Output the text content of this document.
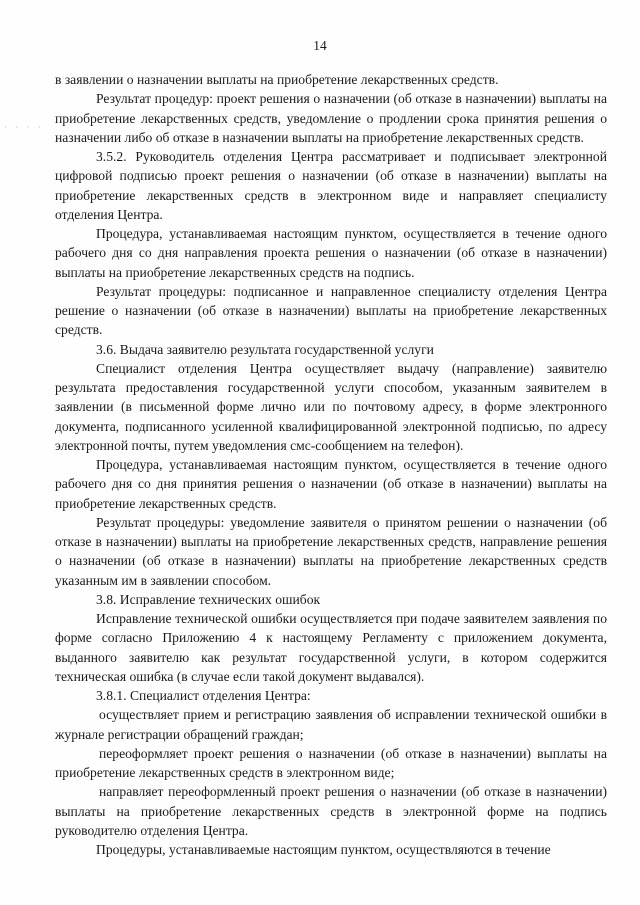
14
· · · ·

в заявлении о назначении выплаты на приобретение лекарственных средств.

Результат процедур: проект решения о назначении (об отказе в назначении) выплаты на приобретение лекарственных средств, уведомление о продлении срока принятия решения о назначении либо об отказе в назначении выплаты на приобретение лекарственных средств.

3.5.2. Руководитель отделения Центра рассматривает и подписывает электронной цифровой подписью проект решения о назначении (об отказе в назначении) выплаты на приобретение лекарственных средств в электронном виде и направляет специалисту отделения Центра.

Процедура, устанавливаемая настоящим пунктом, осуществляется в течение одного рабочего дня со дня направления проекта решения о назначении (об отказе в назначении) выплаты на приобретение лекарственных средств на подпись.

Результат процедуры: подписанное и направленное специалисту отделения Центра решение о назначении (об отказе в назначении) выплаты на приобретение лекарственных средств.

3.6. Выдача заявителю результата государственной услуги

Специалист отделения Центра осуществляет выдачу (направление) заявителю результата предоставления государственной услуги способом, указанным заявителем в заявлении (в письменной форме лично или по почтовому адресу, в форме электронного документа, подписанного усиленной квалифицированной электронной подписью, по адресу электронной почты, путем уведомления смс-сообщением на телефон).

Процедура, устанавливаемая настоящим пунктом, осуществляется в течение одного рабочего дня со дня принятия решения о назначении (об отказе в назначении) выплаты на приобретение лекарственных средств.

Результат процедуры: уведомление заявителя о принятом решении о назначении (об отказе в назначении) выплаты на приобретение лекарственных средств, направление решения о назначении (об отказе в назначении) выплаты на приобретение лекарственных средств указанным им в заявлении способом.

3.8. Исправление технических ошибок

Исправление технической ошибки осуществляется при подаче заявителем заявления по форме согласно Приложению 4 к настоящему Регламенту с приложением документа, выданного заявителю как результат государственной услуги, в котором содержится техническая ошибка (в случае если такой документ выдавался).

3.8.1. Специалист отделения Центра:

осуществляет прием и регистрацию заявления об исправлении технической ошибки в журнале регистрации обращений граждан;

переоформляет проект решения о назначении (об отказе в назначении) выплаты на приобретение лекарственных средств в электронном виде;

направляет переоформленный проект решения о назначении (об отказе в назначении) выплаты на приобретение лекарственных средств в электронной форме на подпись руководителю отделения Центра.

Процедуры, устанавливаемые настоящим пунктом, осуществляются в течение
